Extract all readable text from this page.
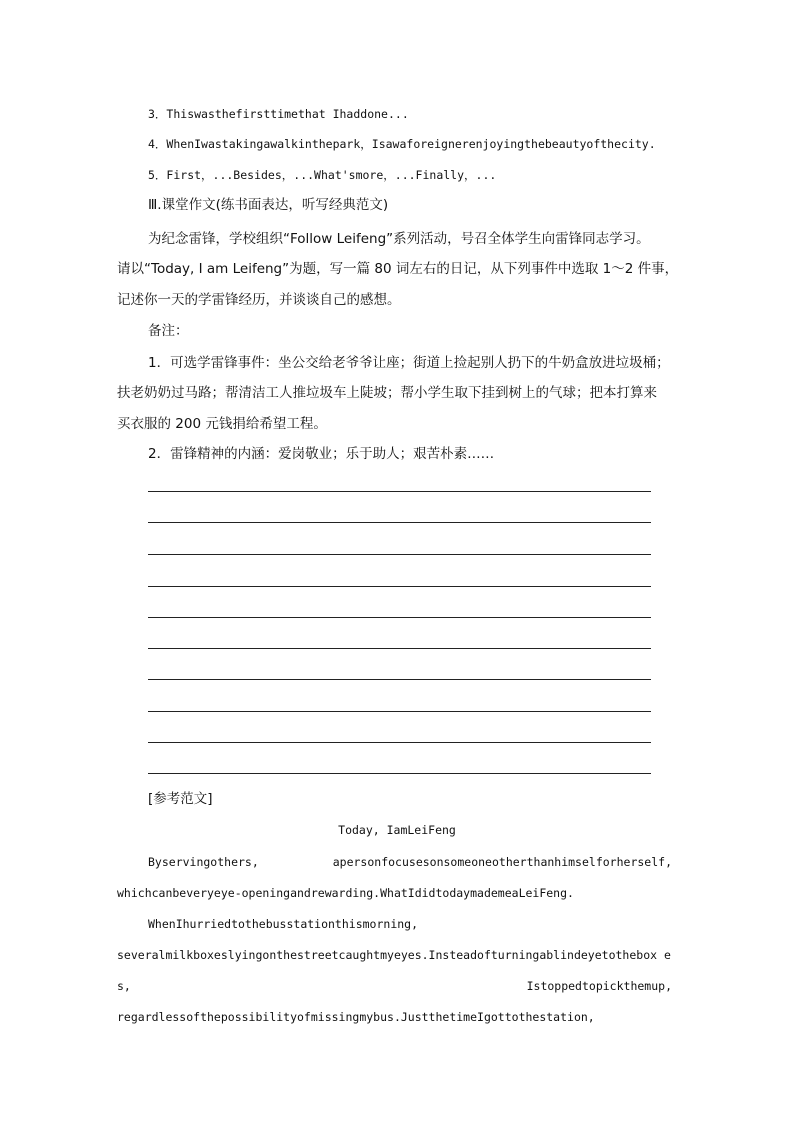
3．Thiswasthefirsttimethat Ihaddone...

4．WhenIwastakingawalkinthepark，Isawaforeignerenjoyingthebeautyofthecity.

5．First，...Besides，...What'smore，...Finally，...

Ⅲ.课堂作文(练书面表达，听写经典范文)

为纪念雷锋，学校组织“Follow Leifeng”系列活动，号召全体学生向雷锋同志学习。

请以“Today, I am Leifeng”为题，写一篇 80 词左右的日记，从下列事件中选取 1～2 件事，

记述你一天的学雷锋经历，并谈谈自己的感想。

备注：

1．可选学雷锋事件：坐公交给老爷爷让座；街道上捡起别人扔下的牛奶盒放进垃圾桶；

扶老奶奶过马路；帮清洁工人推垃圾车上陡坡；帮小学生取下挂到树上的气球；把本打算来

买衣服的 200 元钱捐给希望工程。

2．雷锋精神的内涵：爱岗敬业；乐于助人；艰苦朴素……

[参考范文]

Today, IamLeiFeng
Byservingothers,	apersonfocusesonsomeoneotherthanhimselforherself,

whichcanbeveryeye-openingandrewarding.WhatIdidtodaymademeaLeiFeng.

WhenIhurriedtothebusstationthismorning,

severalmilkboxeslyingonthestreetcaughtmyeyes.Insteadofturningablindeyetothebox e

s,	Istoppedtopickthemup,

regardlessofthepossibilityofmissingmybus.JustthetimeIgottothestation,
